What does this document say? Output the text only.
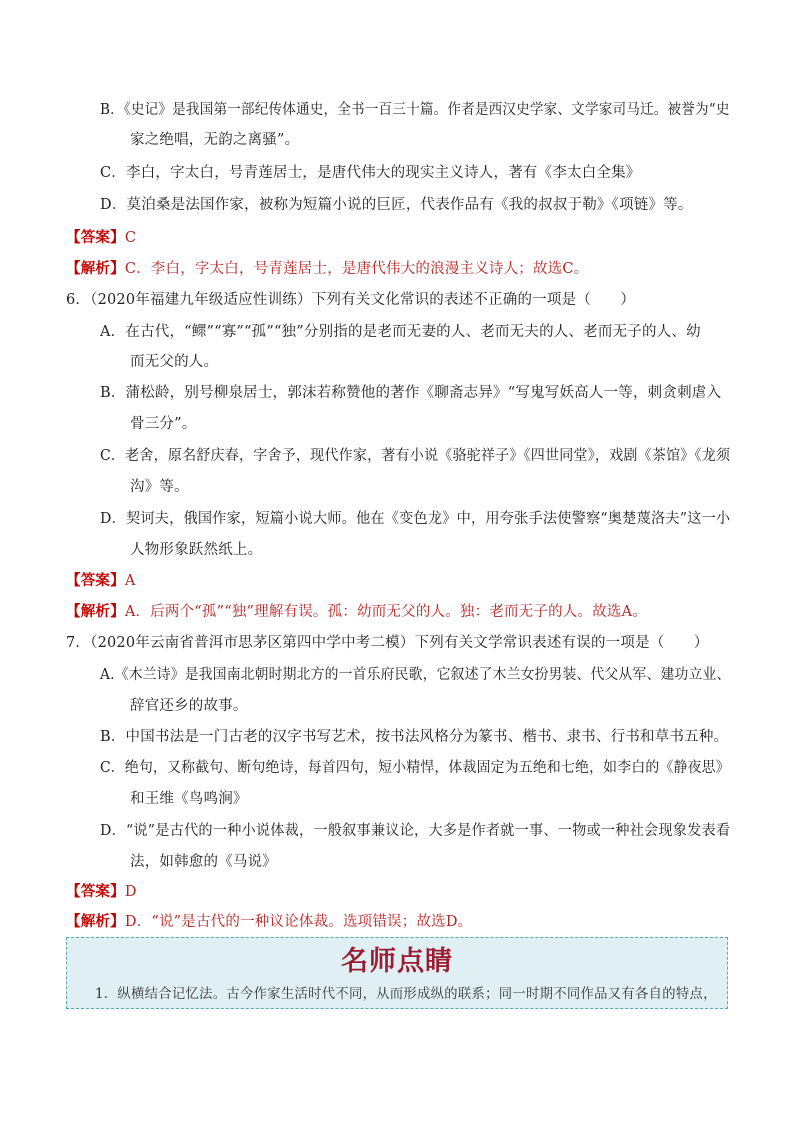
B．《史记》是我国第一部纪传体通史，全书一百三十篇。作者是西汉史学家、文学家司马迁。被誉为“史
家之绝唱，无韵之离骚”。
C．李白，字太白，号青莲居士，是唐代伟大的现实主义诗人，著有《李太白全集》
D．莫泊桑是法国作家，被称为短篇小说的巨匠，代表作品有《我的叔叔于勒》《项链》等。
【答案】C
【解析】C．李白，字太白，号青莲居士，是唐代伟大的浪漫主义诗人；故选C。
6．（2020年福建九年级适应性训练）下列有关文化常识的表述不正确的一项是（　　）
A．在古代，“鳏”“寡”“孤”“独”分别指的是老而无妻的人、老而无夫的人、老而无子的人、幼
而无父的人。
B．蒲松龄，别号柳泉居士，郭沫若称赞他的著作《聊斋志异》“写鬼写妖高人一等，刺贪刺虐入
骨三分”。
C．老舍，原名舒庆春，字舍予，现代作家，著有小说《骆驼祥子》《四世同堂》，戏剧《茶馆》《龙须
沟》等。
D．契诃夫，俄国作家，短篇小说大师。他在《变色龙》中，用夸张手法使警察“奥楚蔑洛夫”这一小
人物形象跃然纸上。
【答案】A
【解析】A．后两个“孤”“独”理解有误。孤：幼而无父的人。独：老而无子的人。故选A。
7．（2020年云南省普洱市思茅区第四中学中考二模）下列有关文学常识表述有误的一项是（　　）
A.《木兰诗》是我国南北朝时期北方的一首乐府民歌，它叙述了木兰女扮男装、代父从军、建功立业、
辞官还乡的故事。
B．中国书法是一门古老的汉字书写艺术，按书法风格分为篆书、楷书、隶书、行书和草书五种。
C．绝句，又称截句、断句绝诗，每首四句，短小精悍，体裁固定为五绝和七绝，如李白的《静夜思》
和王维《鸟鸣涧》
D．“说”是古代的一种小说体裁，一般叙事兼议论，大多是作者就一事、一物或一种社会现象发表看
法，如韩愈的《马说》
【答案】D
【解析】D．“说”是古代的一种议论体裁。选项错误；故选D。
名师点睛
1．纵横结合记忆法。古今作家生活时代不同，从而形成纵的联系；同一时期不同作品又有各自的特点，
